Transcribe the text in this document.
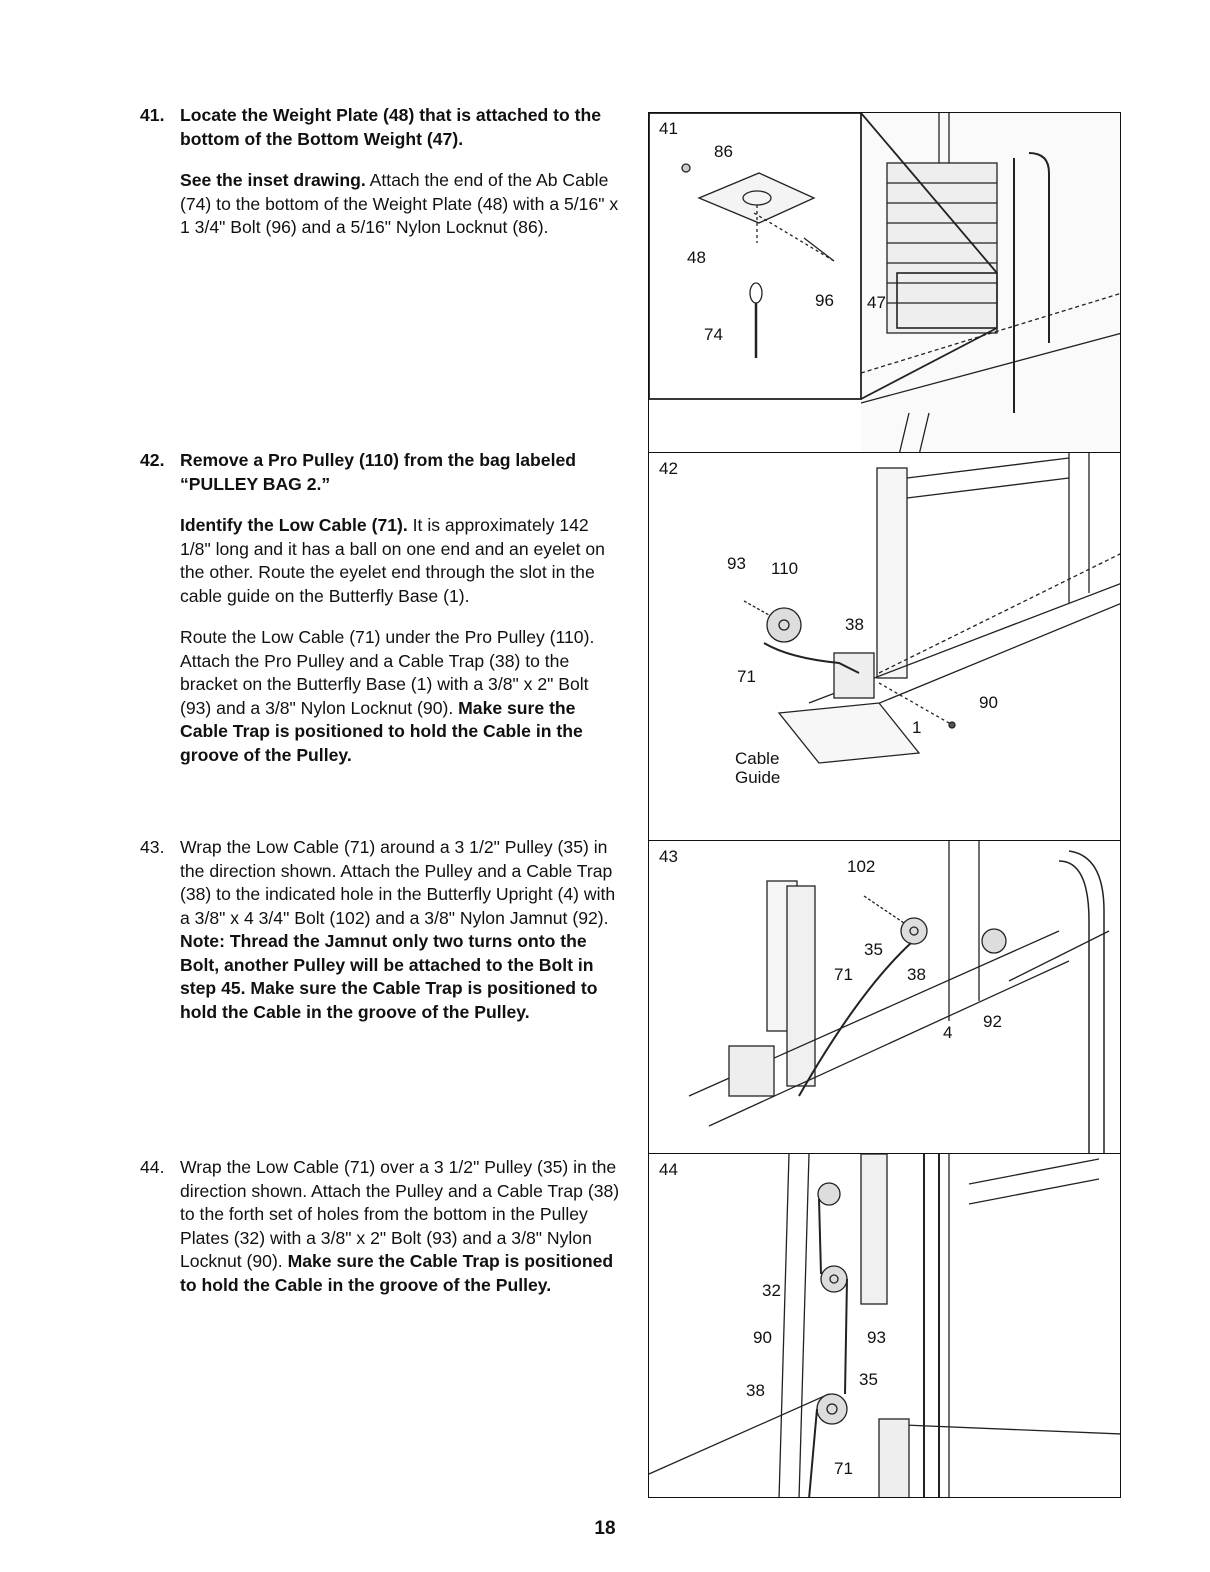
41. Locate the Weight Plate (48) that is attached to the bottom of the Bottom Weight (47).

See the inset drawing. Attach the end of the Ab Cable (74) to the bottom of the Weight Plate (48) with a 5/16" x 1 3/4" Bolt (96) and a 5/16" Nylon Locknut (86).

42. Remove a Pro Pulley (110) from the bag labeled “PULLEY BAG 2.”

Identify the Low Cable (71). It is approximately 142 1/8" long and it has a ball on one end and an eyelet on the other. Route the eyelet end through the slot in the cable guide on the Butterfly Base (1).

Route the Low Cable (71) under the Pro Pulley (110). Attach the Pro Pulley and a Cable Trap (38) to the bracket on the Butterfly Base (1) with a 3/8" x 2" Bolt (93) and a 3/8" Nylon Locknut (90). Make sure the Cable Trap is positioned to hold the Cable in the groove of the Pulley.

43. Wrap the Low Cable (71) around a 3 1/2" Pulley (35) in the direction shown. Attach the Pulley and a Cable Trap (38) to the indicated hole in the Butterfly Upright (4) with a 3/8" x 4 3/4" Bolt (102) and a 3/8" Nylon Jamnut (92). Note: Thread the Jamnut only two turns onto the Bolt, another Pulley will be attached to the Bolt in step 45. Make sure the Cable Trap is positioned to hold the Cable in the groove of the Pulley.

44. Wrap the Low Cable (71) over a 3 1/2" Pulley (35) in the direction shown. Attach the Pulley and a Cable Trap (38) to the forth set of holes from the bottom in the Pulley Plates (32) with a 3/8" x 2" Bolt (93) and a 3/8" Nylon Locknut (90). Make sure the Cable Trap is positioned to hold the Cable in the groove of the Pulley.

41
86
48
96
74
47
42
93 110
38
71
90
1
Cable
Guide
43
102
35
71	38
4
92
44
32
90	93
35
38
71
18
